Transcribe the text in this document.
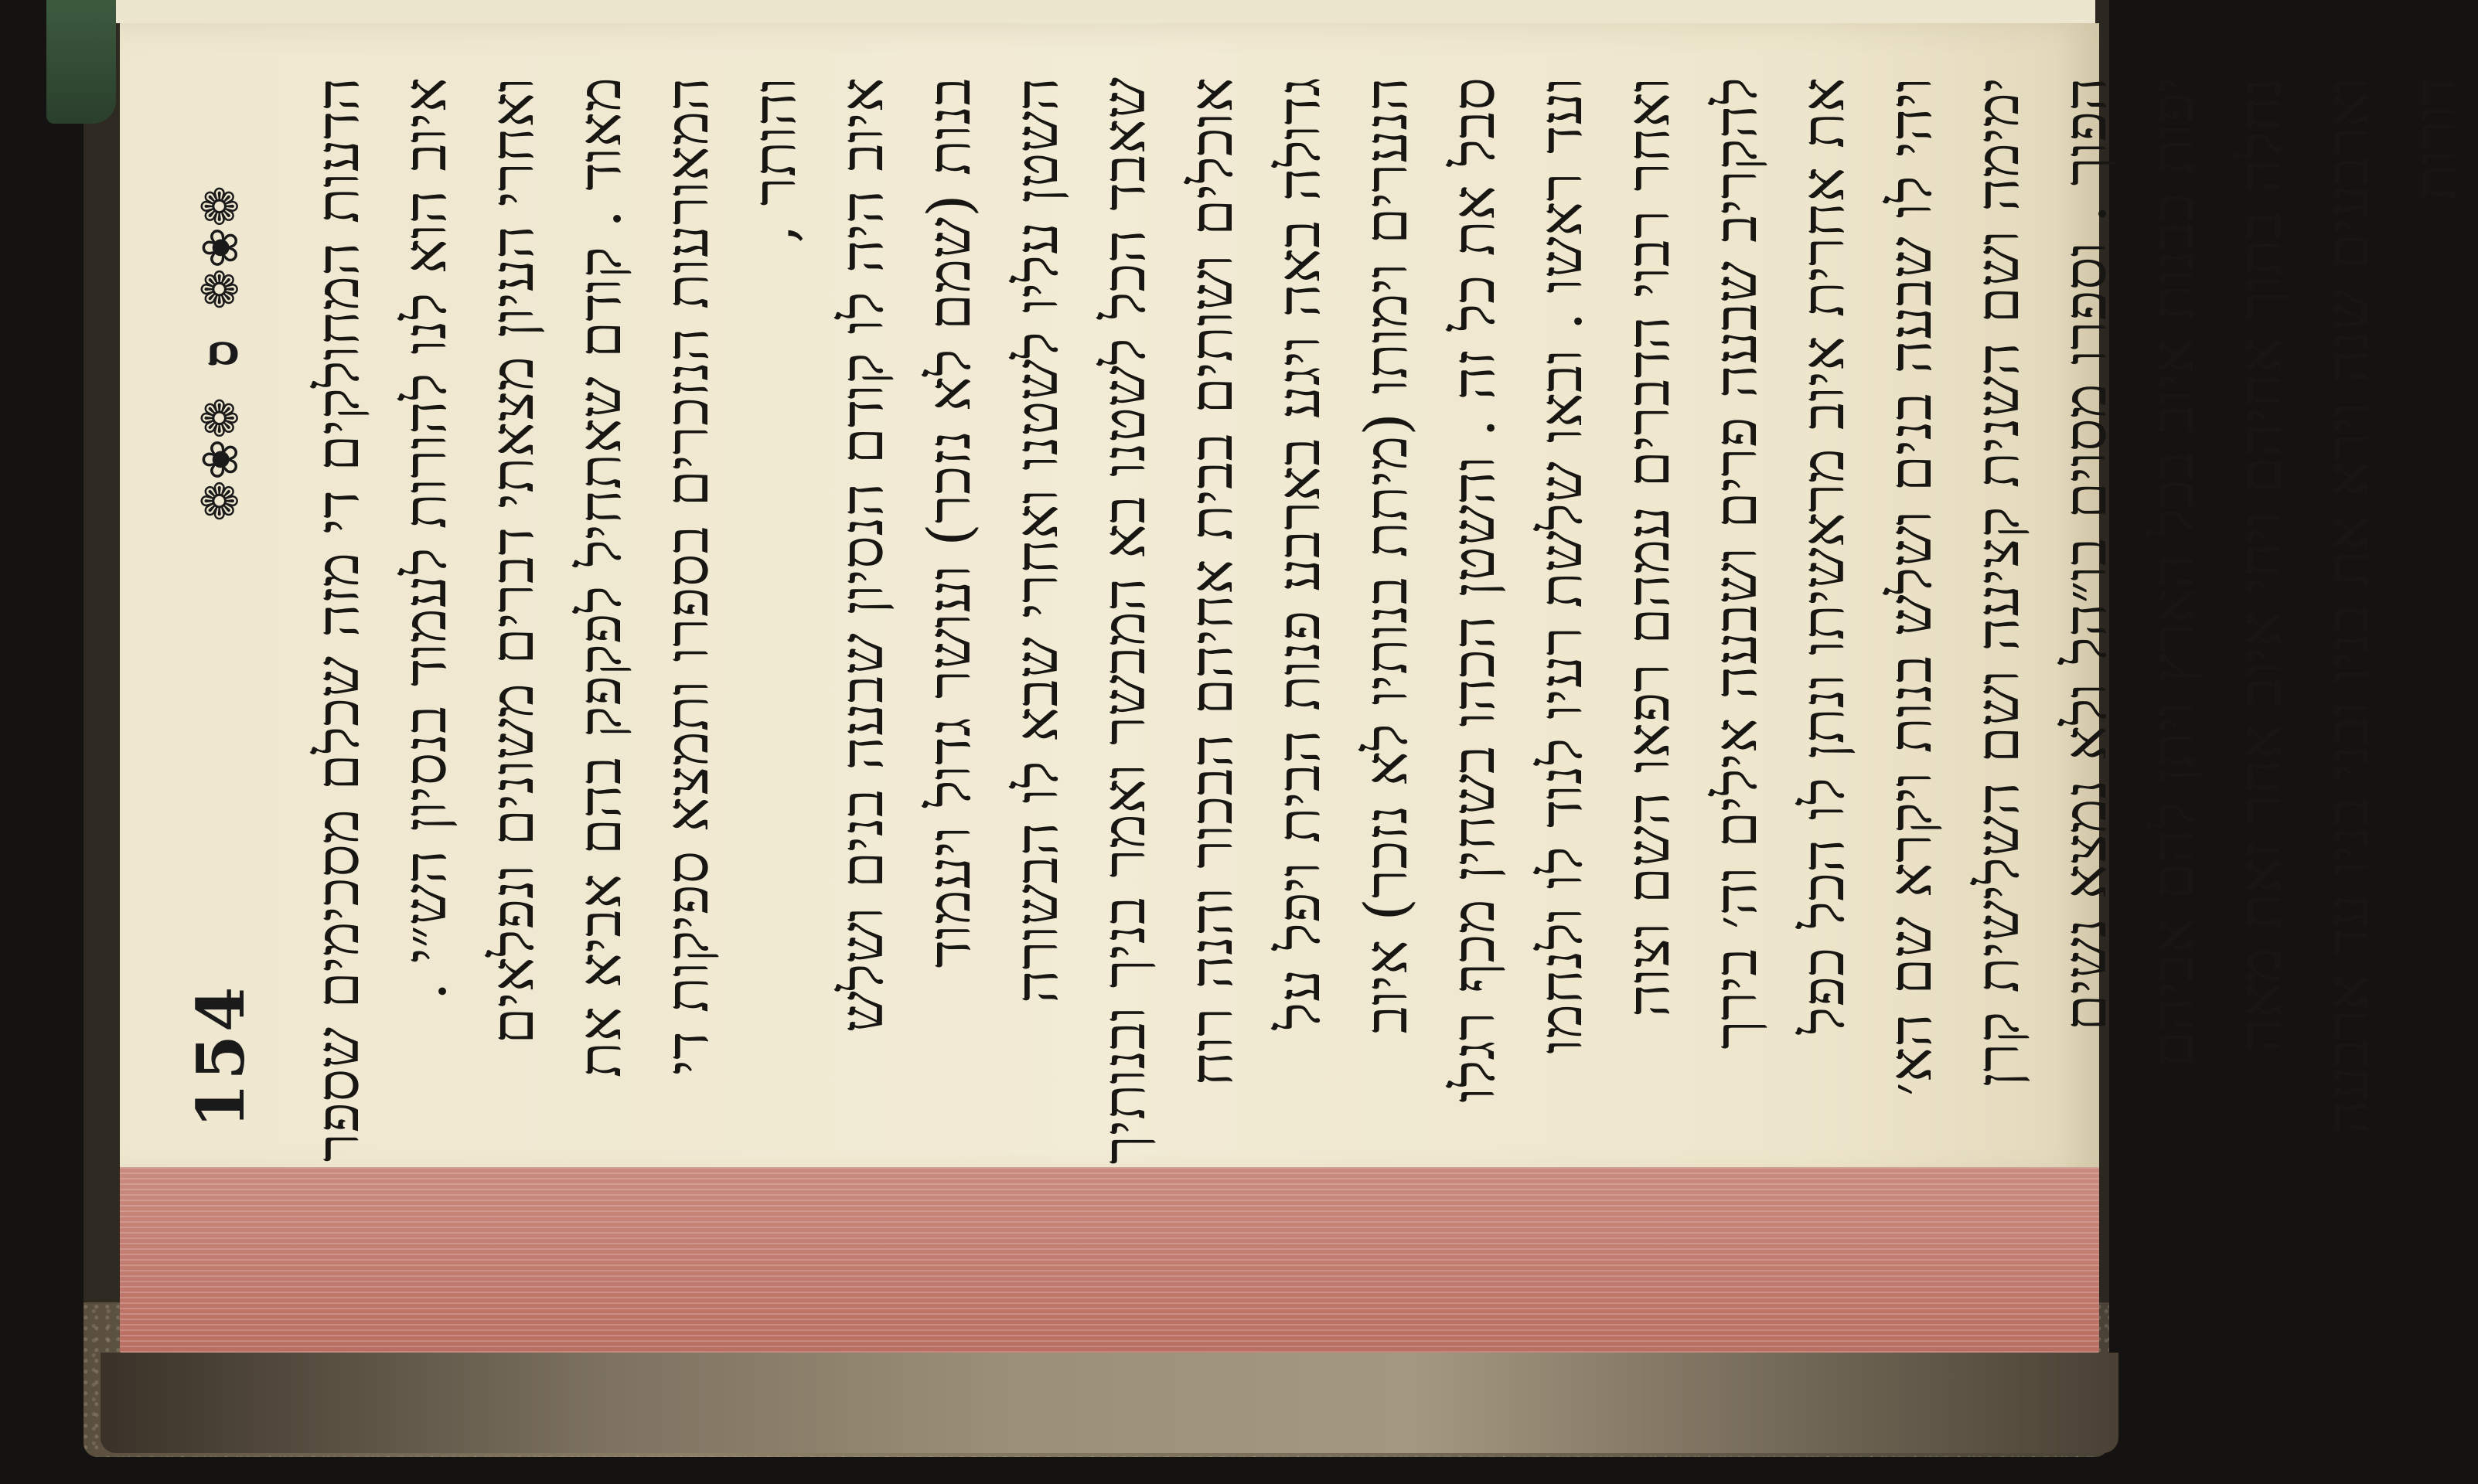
154
❁❀❁ ס ❁❀❁ הדעות המחולקים די מזה שכלם מסכימים שספר איוב הוא לנו להורות לעמוד בנסיון הש״י . ואחרי העיון מצאתי דברים משונים ונפלאים מאוד . קודם שאתחיל לפקפק בהם אביא את המאורעות הנזכרים בספרו ותמצא ספיקות די והותר , איוב היה לו קודם הנסיון שבעה בנים ושלש בנות (שמם לא נזכר) ועושר גדול ויעמוד השטן עליו לשטנו ואחרי שבא לו הבשורה שאבד הכל לשטנו בא המבשר ואמר בניך ובנותיך אוכלים ושותים בבית אחיהם הבכור והנה רוח גדולה באה ויגע בארבע פנות הבית ויפל על הנערים וימותו (מיתת בנותיו לא נזכר) איוב סבל את כל זה . והשטן הכהו בשחין מכף רגלו ועד ראשו . ובאו שלשת רעיו לנוד לו ולנחמו ואחר רבוי הדברים עמהם רפאו השם וצוה להקריב שבעה פרים ושבעה אילים וה׳ בירך את אחרית איוב מראשיתו ונתן לו הכל כפל ויהי לו שבעה בנים ושלש בנות ויקרא שם הא׳ ימימה ושם השנית קציעה ושם השלישית קרן הפוך . וספרו מסוים בו״הל ולא נמצא נשים יפות כבנות איוב בכל הארץ ויתן להם אביהם נחלה בתוך אחיהם ויחי איוב אחר זאת מאה וארבעים שנה וירא את בניו ובני בניו עד ארבעה דורות
